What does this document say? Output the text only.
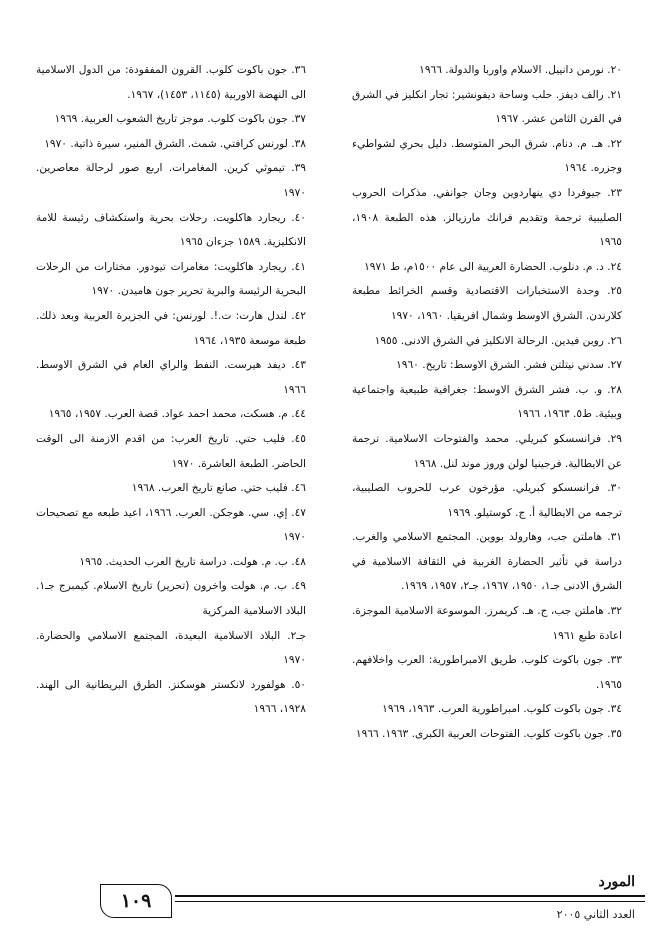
٢٠. نورمن دانييل. الاسلام واوربا والدولة. ١٩٦٦

٢١. رالف ديفز. حلب وساحة ديفونشير: تجار انكليز في الشرق في القرن الثامن عشر. ١٩٦٧

٢٢. هـ. م. دنام. شرق البحر المتوسط. دليل بحري لشواطيء وجزره. ١٩٦٤

٢٣. جيوفردا دي ينهاردوين وجان جوانفي. مذكرات الحروب الصليبية ترجمة وتقديم فرانك مارزيالز. هذه الطبعة ١٩٠٨، ١٩٦٥

٢٤. د. م. دنلوب. الحضارة العربية الى عام ١٥٠٠م، ط ١٩٧١

٢٥. وحدة الاستخبارات الاقتصادية وقسم الخرائط مطبعة كلارندن. الشرق الاوسط وشمال افريقيا. ١٩٦٠، ١٩٧٠

٢٦. روبن فيدين. الرحالة الانكليز في الشرق الادنى. ١٩٥٥

٢٧. سدني نيتلتن فشر. الشرق الاوسط: تاريخ. ١٩٦٠

٢٨. و. ب. فشر الشرق الاوسط: جغرافية طبيعية واجتماعية وبيئية. ط٥. ١٩٦٣، ١٩٦٦

٢٩. فرانسسكو كبريلي. محمد والفتوحات الاسلامية. ترجمة عن الايطالية. فرجينيا لولن وروز موند لنل. ١٩٦٨

٣٠. فرانسسكو كبريلي. مؤرخون عرب للحروب الصليبية، ترجمه من الايطالية أ. ج. كوستيلو. ١٩٦٩

٣١. هاملتن جب، وهارولد بووين. المجتمع الاسلامي والغرب. دراسة في تأثير الحضارة الغربية في الثقافة الاسلامية في الشرق الادنى جـ١، ١٩٥٠، ١٩٦٧، جـ٢، ١٩٥٧، ١٩٦٩.

٣٢. هاملتن جب، ج. هـ. كريمرز. الموسوعة الاسلامية الموجزة. اعادة طبع ١٩٦١

٣٣. جون باكوت كلوب. طريق الامبراطورية: العرب واخلافهم. ١٩٦٥.

٣٤. جون باكوت كلوب. امبراطورية العرب. ١٩٦٣، ١٩٦٩

٣٥. جون باكوت كلوب. الفتوحات العربية الكبرى. ١٩٦٣. ١٩٦٦

٣٦. جون باكوت كلوب. القرون المفقودة: من الدول الاسلامية الى النهضة الاوربية (١١٤٥، ١٤٥٣)، ١٩٦٧.

٣٧. جون باكوت كلوب. موجز تاريخ الشعوب العربية. ١٩٦٩

٣٨. لورنس كرافتي. شمث. الشرق المنير، سيرة ذاتية. ١٩٧٠

٣٩. تيموثي كرين. المغامرات. اربع صور لرحالة معاصرين. ١٩٧٠

٤٠. ريجارد هاكلويت. رحلات بحرية واستكشاف رئيسة للامة الانكليزية. ١٥٨٩ جزءان ١٩٦٥

٤١. ريجارد هاكلويت: مغامرات تيودور. مختارات من الرحلات البحرية الرئيسة والبرية تحرير جون هاميدن. ١٩٧٠

٤٢. لندل هارت: ت.!. لورنس: في الجزيرة العربية وبعد ذلك. طبعة موسعة ١٩٣٥، ١٩٦٤

٤٣. ديفد هيرست. النفط والراي العام في الشرق الاوسط. ١٩٦٦

٤٤. م. هسكت، محمد احمد عواد. قصة العرب. ١٩٥٧، ١٩٦٥

٤٥. فليب حتي. تاريخ العرب: من اقدم الازمنة الى الوقت الحاضر. الطبعة العاشرة. ١٩٧٠

٤٦. فليب حتي. صانع تاريخ العرب. ١٩٦٨

٤٧. إي. سي. هوجكن. العرب. ١٩٦٦، اعيد طبعه مع تصحيحات ١٩٧٠

٤٨. ب. م. هولت. دراسة تاريخ العرب الحديث. ١٩٦٥

٤٩. ب. م. هولت واخرون (تحرير) تاريخ الاسلام. كيمبرج جـ١. البلاد الاسلامية المركزية

جـ٢. البلاد الاسلامية البعيدة، المجتمع الاسلامي والحضارة. ١٩٧٠

٥٠. هولفورد لانكستر هوسكنز. الطرق البريطانية الى الهند. ١٩٢٨، ١٩٦٦

المورد
العدد الثاني ٢٠٠٥
١٠٩
